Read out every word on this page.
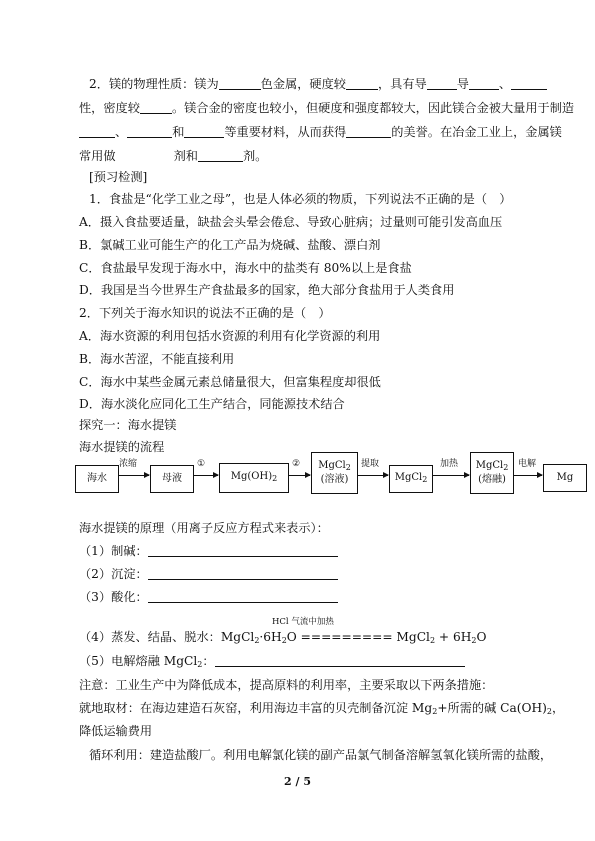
2．镁的物理性质：镁为	色金属，硬度较	，具有导 导 、
性，密度较	。镁合金的密度也较小，但硬度和强度都较大，因此镁合金被大量用于制造
、	和	等重要材料，从而获得	的美誉。在冶金工业上，金属镁
常用做	剂和	剂。
[预习检测]
1．食盐是“化学工业之母”，也是人体必须的物质，下列说法不正确的是（　）
A．摄入食盐要适量，缺盐会头晕会倦怠、导致心脏病；过量则可能引发高血压
B．氯碱工业可能生产的化工产品为烧碱、盐酸、漂白剂
C．食盐最早发现于海水中，海水中的盐类有 80%以上是食盐
D．我国是当今世界生产食盐最多的国家，绝大部分食盐用于人类食用
2．下列关于海水知识的说法不正确的是（　）
A．海水资源的利用包括水资源的利用有化学资源的利用
B．海水苦涩，不能直接利用
C．海水中某些金属元素总储量很大，但富集程度却很低
D．海水淡化应同化工生产结合，同能源技术结合
探究一：海水提镁
海水提镁的流程
海水	母液	$Mg(OH)_2$
MgCl$_2$
(溶液)	MgCl$_2$
MgCl$_2$
(熔融)	Mg
浓缩	①	②	提取	加热	电解
海水提镁的原理（用离子反应方程式来表示）：
（1）制碱：
（2）沉淀：
（3）酸化：
HCl 气流中加热
（4）蒸发、结晶、脱水：$MgCl_2\cdot 6H_2O$ ========= MgCl$_2$ + $6H_2O$
（5）电解熔融 MgCl$_2$：
注意：工业生产中为降低成本，提高原料的利用率，主要采取以下两条措施：
就地取材：在海边建造石灰窑，利用海边丰富的贝壳制备沉淀 $Mg_2+$所需的碱 $Ca(OH)_2$，
降低运输费用
循环利用：建造盐酸厂。利用电解氯化镁的副产品氯气制备溶解氢氧化镁所需的盐酸，
2 / 5
